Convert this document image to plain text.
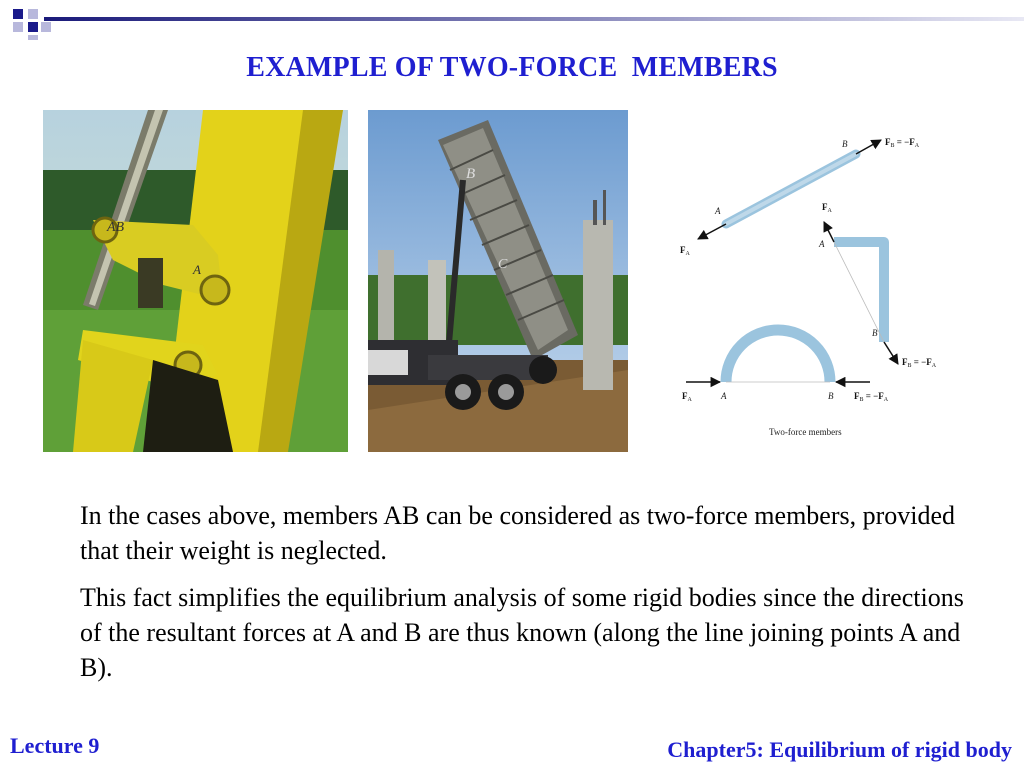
EXAMPLE OF TWO-FORCE  MEMBERS
AB
A
B
C
B	$F_B = -F_A$
A
$F_A$
$F_A$
A
B
$F_B = -F_A$
$F_A$	A	B $F_B = -F_A$
Two-force members

In the cases above, members AB can be considered as two-force members, provided that their weight is neglected.

This fact simplifies the equilibrium analysis of some rigid bodies since the directions of the resultant forces at A and B are thus known (along the line joining points A and B).

Lecture 9	Chapter5: Equilibrium of rigid body
